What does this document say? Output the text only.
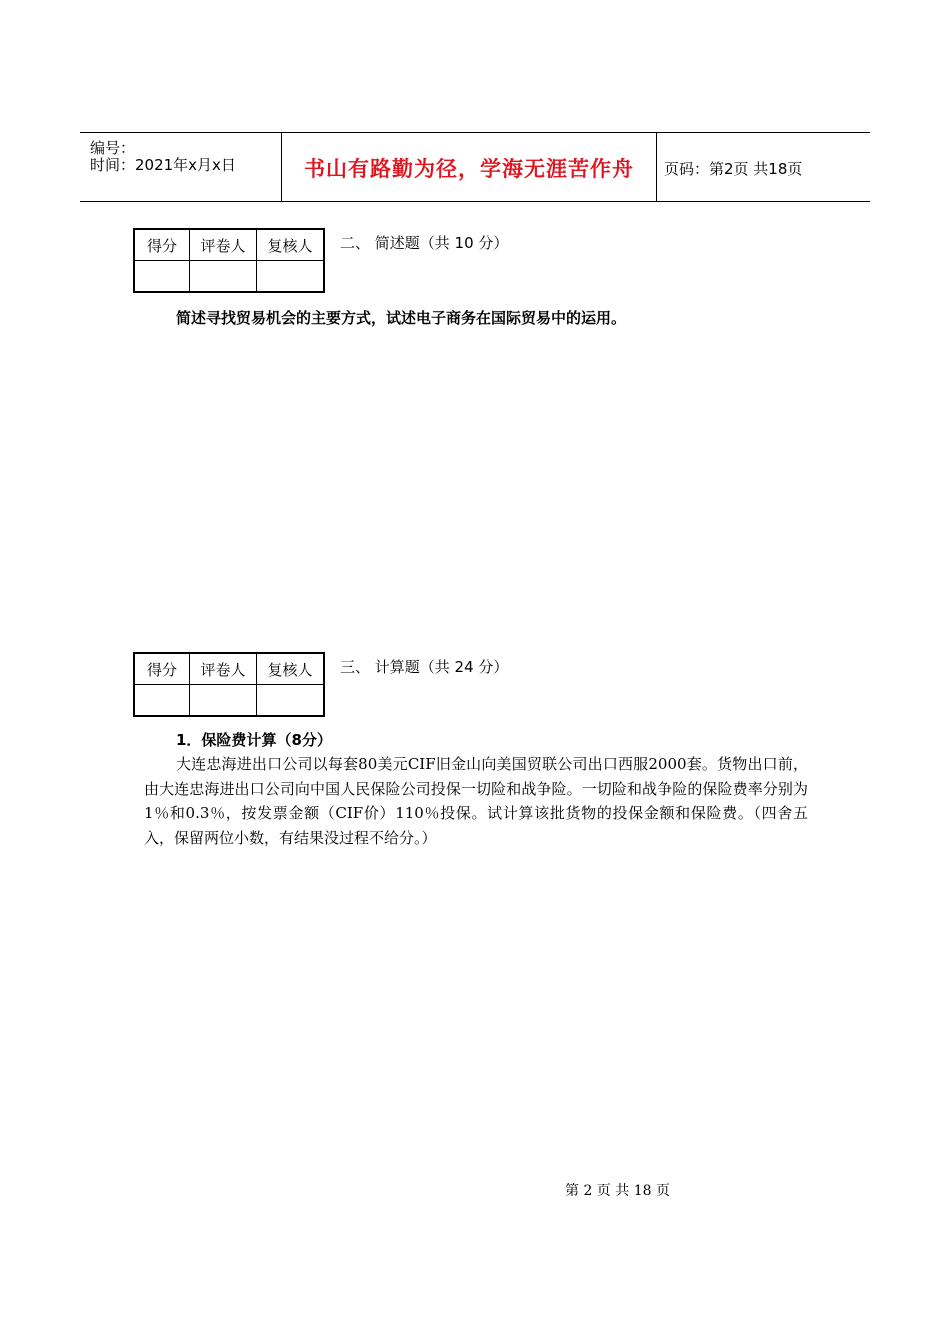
编号：
时间：2021年x月x日	书山有路勤为径，学海无涯苦作舟	页码：第2页 共18页
得分	评卷人	复核人
		二、 简述题（共 10 分）
简述寻找贸易机会的主要方式，试述电子商务在国际贸易中的运用。
得分	评卷人	复核人
		三、 计算题（共 24 分）
1．保险费计算（8分）
大连忠海进出口公司以每套80美元CIF旧金山向美国贸联公司出口西服2000套。货物出口前，由大连忠海进出口公司向中国人民保险公司投保一切险和战争险。一切险和战争险的保险费率分别为1％和0.3％，按发票金额（CIF价）110％投保。试计算该批货物的投保金额和保险费。（四舍五入，保留两位小数，有结果没过程不给分。）
第 2 页 共 18 页
